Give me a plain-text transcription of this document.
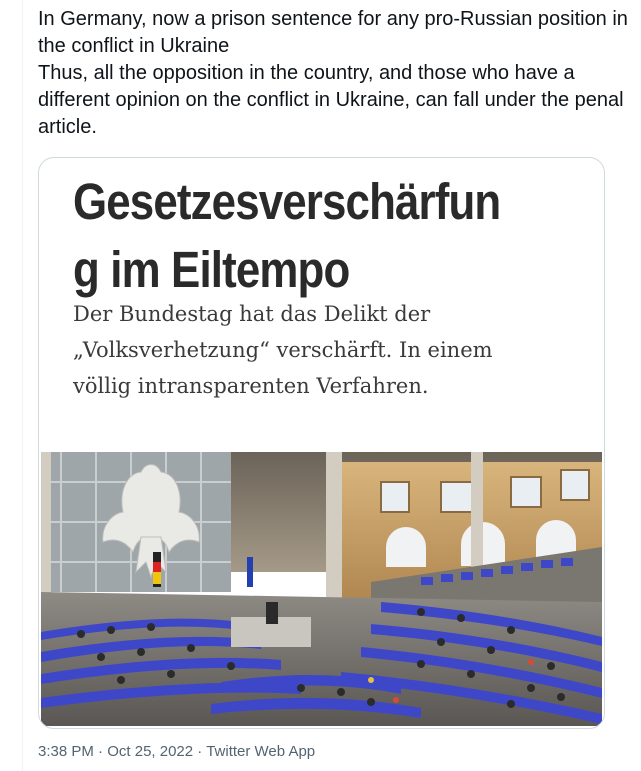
In Germany, now a prison sentence for any pro-Russian position in the conflict in Ukraine

Thus, all the opposition in the country, and those who have a different opinion on the conflict in Ukraine, can fall under the penal article.

Gesetzesverschärfun
g im Eiltempo
Der Bundestag hat das Delikt der
„Volksverhetzung“ verschärft. In einem
völlig intransparenten Verfahren.
3:38 PM · Oct 25, 2022 · Twitter Web App
